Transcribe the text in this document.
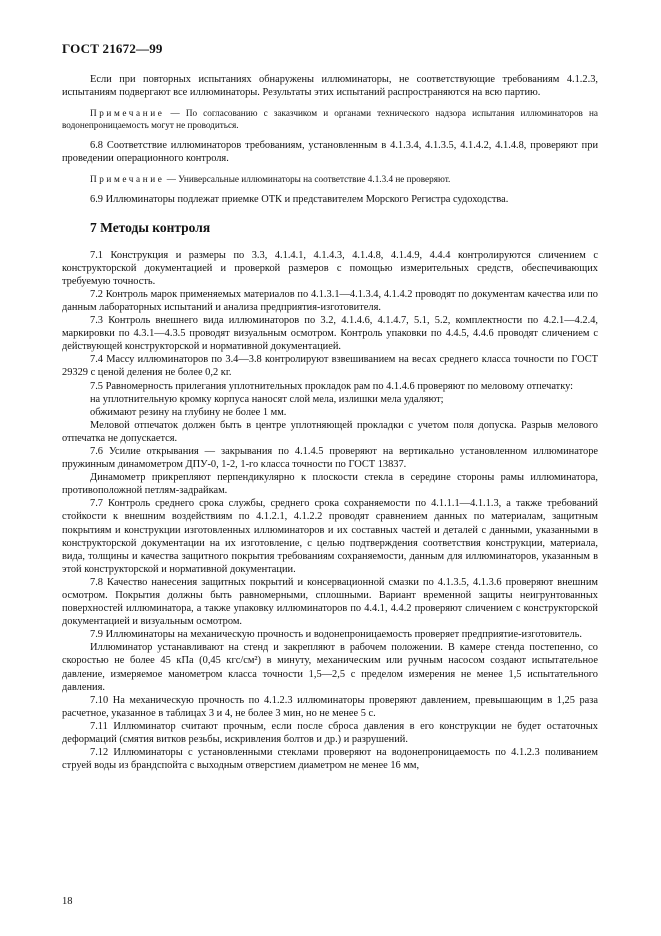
ГОСТ 21672—99

Если при повторных испытаниях обнаружены иллюминаторы, не соответствующие требованиям 4.1.2.3, испытаниям подвергают все иллюминаторы. Результаты этих испытаний распространяются на всю партию.

Примечание — По согласованию с заказчиком и органами технического надзора испытания иллюминаторов на водонепроницаемость могут не проводиться.

6.8 Соответствие иллюминаторов требованиям, установленным в 4.1.3.4, 4.1.3.5, 4.1.4.2, 4.1.4.8, проверяют при проведении операционного контроля.

Примечание — Универсальные иллюминаторы на соответствие 4.1.3.4 не проверяют.

6.9 Иллюминаторы подлежат приемке ОТК и представителем Морского Регистра судоходства.

7 Методы контроля

7.1 Конструкция и размеры по 3.3, 4.1.4.1, 4.1.4.3, 4.1.4.8, 4.1.4.9, 4.4.4 контролируются сличением с конструкторской документацией и проверкой размеров с помощью измерительных средств, обеспечивающих требуемую точность.

7.2 Контроль марок применяемых материалов по 4.1.3.1—4.1.3.4, 4.1.4.2 проводят по документам качества или по данным лабораторных испытаний и анализа предприятия-изготовителя.

7.3 Контроль внешнего вида иллюминаторов по 3.2, 4.1.4.6, 4.1.4.7, 5.1, 5.2, комплектности по 4.2.1—4.2.4, маркировки по 4.3.1—4.3.5 проводят визуальным осмотром. Контроль упаковки по 4.4.5, 4.4.6 проводят сличением с действующей конструкторской и нормативной документацией.

7.4 Массу иллюминаторов по 3.4—3.8 контролируют взвешиванием на весах среднего класса точности по ГОСТ 29329 с ценой деления не более 0,2 кг.

7.5 Равномерность прилегания уплотнительных прокладок рам по 4.1.4.6 проверяют по меловому отпечатку:

на уплотнительную кромку корпуса наносят слой мела, излишки мела удаляют;

обжимают резину на глубину не более 1 мм.

Меловой отпечаток должен быть в центре уплотняющей прокладки с учетом поля допуска. Разрыв мелового отпечатка не допускается.

7.6 Усилие открывания — закрывания по 4.1.4.5 проверяют на вертикально установленном иллюминаторе пружинным динамометром ДПУ-0, 1-2, 1-го класса точности по ГОСТ 13837.

Динамометр прикрепляют перпендикулярно к плоскости стекла в середине стороны рамы иллюминатора, противоположной петлям-задрайкам.

7.7 Контроль среднего срока службы, среднего срока сохраняемости по 4.1.1.1—4.1.1.3, а также требований стойкости к внешним воздействиям по 4.1.2.1, 4.1.2.2 проводят сравнением данных по материалам, защитным покрытиям и конструкции изготовленных иллюминаторов и их составных частей и деталей с данными, указанными в конструкторской документации на их изготовление, с целью подтверждения соответствия конструкции, материала, вида, толщины и качества защитного покрытия требованиям сохраняемости, данным для иллюминаторов, указанным в этой конструкторской и нормативной документации.

7.8 Качество нанесения защитных покрытий и консервационной смазки по 4.1.3.5, 4.1.3.6 проверяют внешним осмотром. Покрытия должны быть равномерными, сплошными. Вариант временной защиты неигрунтованных поверхностей иллюминатора, а также упаковку иллюминаторов по 4.4.1, 4.4.2 проверяют сличением с конструкторской документацией и визуальным осмотром.

7.9 Иллюминаторы на механическую прочность и водонепроницаемость проверяет предприятие-изготовитель.

Иллюминатор устанавливают на стенд и закрепляют в рабочем положении. В камере стенда постепенно, со скоростью не более 45 кПа (0,45 кгс/см²) в минуту, механическим или ручным насосом создают испытательное давление, измеряемое манометром класса точности 1,5—2,5 с пределом измерения не менее 1,5 испытательного давления.

7.10 На механическую прочность по 4.1.2.3 иллюминаторы проверяют давлением, превышающим в 1,25 раза расчетное, указанное в таблицах 3 и 4, не более 3 мин, но не менее 5 с.

7.11 Иллюминатор считают прочным, если после сброса давления в его конструкции не будет остаточных деформаций (смятия витков резьбы, искривления болтов и др.) и разрушений.

7.12 Иллюминаторы с установленными стеклами проверяют на водонепроницаемость по 4.1.2.3 поливанием струей воды из брандспойта с выходным отверстием диаметром не менее 16 мм,

18
